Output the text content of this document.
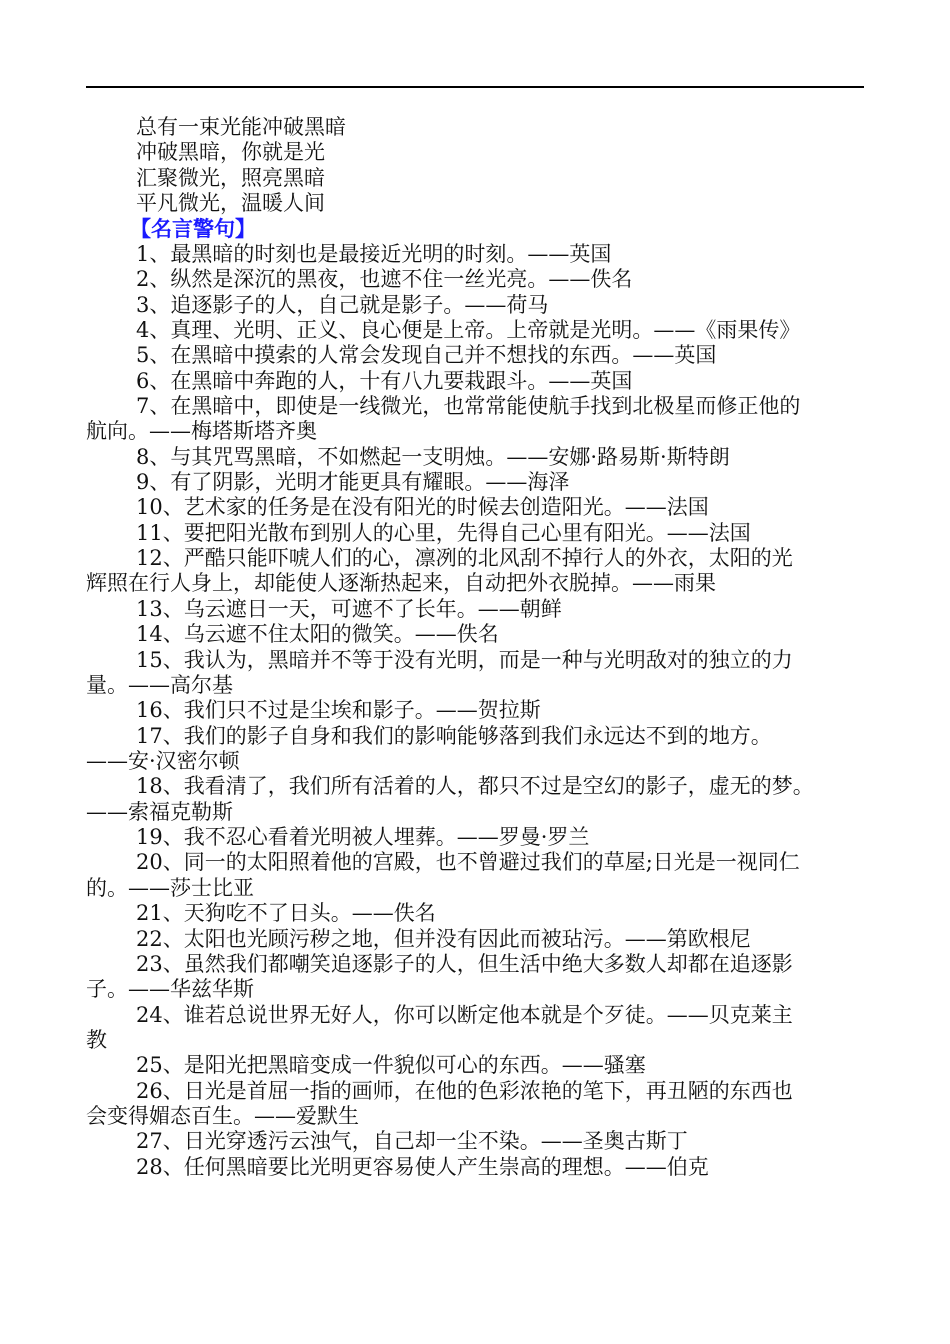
总有一束光能冲破黑暗
冲破黑暗，你就是光
汇聚微光，照亮黑暗
平凡微光，温暖人间
【名言警句】
1、最黑暗的时刻也是最接近光明的时刻。——英国
2、纵然是深沉的黑夜，也遮不住一丝光亮。——佚名
3、追逐影子的人，自己就是影子。——荷马
4、真理、光明、正义、良心便是上帝。上帝就是光明。——《雨果传》
5、在黑暗中摸索的人常会发现自己并不想找的东西。——英国
6、在黑暗中奔跑的人，十有八九要栽跟斗。——英国
7、在黑暗中，即使是一线微光，也常常能使航手找到北极星而修正他的
航向。——梅塔斯塔齐奥
8、与其咒骂黑暗，不如燃起一支明烛。——安娜·路易斯·斯特朗
9、有了阴影，光明才能更具有耀眼。——海泽
10、艺术家的任务是在没有阳光的时候去创造阳光。——法国
11、要把阳光散布到别人的心里，先得自己心里有阳光。——法国
12、严酷只能吓唬人们的心，凛冽的北风刮不掉行人的外衣，太阳的光
辉照在行人身上，却能使人逐渐热起来，自动把外衣脱掉。——雨果
13、乌云遮日一天，可遮不了长年。——朝鲜
14、乌云遮不住太阳的微笑。——佚名
15、我认为，黑暗并不等于没有光明，而是一种与光明敌对的独立的力
量。——高尔基
16、我们只不过是尘埃和影子。——贺拉斯
17、我们的影子自身和我们的影响能够落到我们永远达不到的地方。
——安·汉密尔顿
18、我看清了，我们所有活着的人，都只不过是空幻的影子，虚无的梦。
——索福克勒斯
19、我不忍心看着光明被人埋葬。——罗曼·罗兰
20、同一的太阳照着他的宫殿，也不曾避过我们的草屋;日光是一视同仁
的。——莎士比亚
21、天狗吃不了日头。——佚名
22、太阳也光顾污秽之地，但并没有因此而被玷污。——第欧根尼
23、虽然我们都嘲笑追逐影子的人，但生活中绝大多数人却都在追逐影
子。——华兹华斯
24、谁若总说世界无好人，你可以断定他本就是个歹徒。——贝克莱主
教
25、是阳光把黑暗变成一件貌似可心的东西。——骚塞
26、日光是首屈一指的画师，在他的色彩浓艳的笔下，再丑陋的东西也
会变得媚态百生。——爱默生
27、日光穿透污云浊气，自己却一尘不染。——圣奥古斯丁
28、任何黑暗要比光明更容易使人产生崇高的理想。——伯克
